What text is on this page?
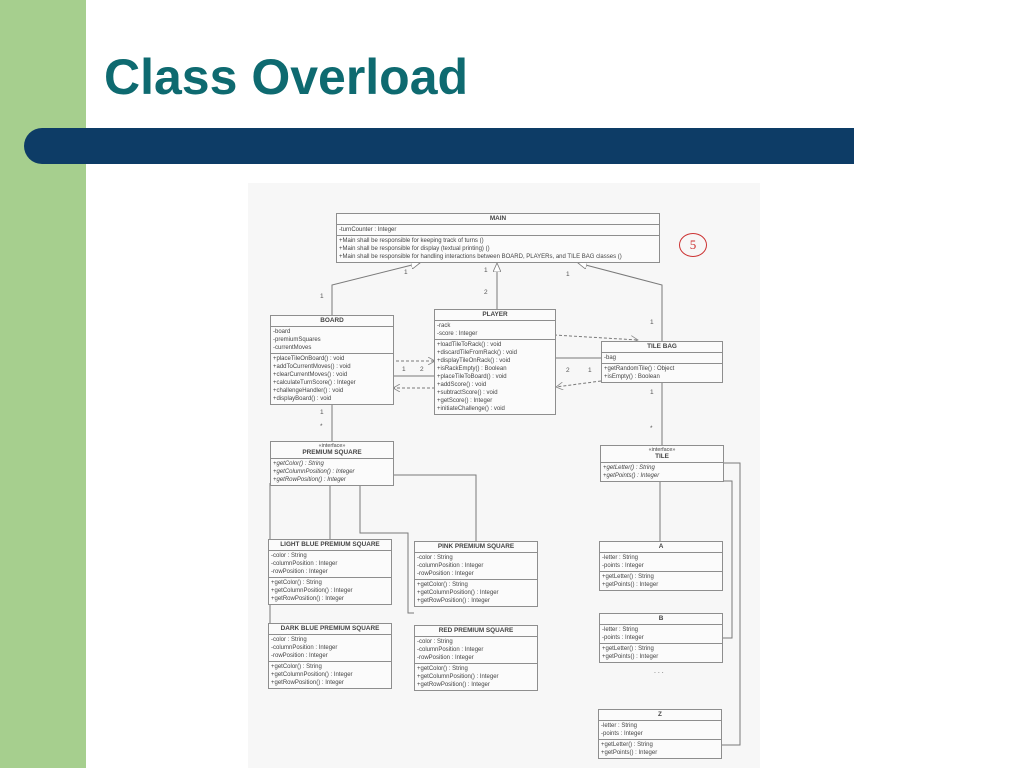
Class Overload
5
MAIN
-turnCounter : Integer
+Main shall be responsible for keeping track of turns ()
+Main shall be responsible for display (textual printing) ()
+Main shall be responsible for handling interactions between BOARD, PLAYERs, and TILE BAG classes ()
BOARD
-board
-premiumSquares
-currentMoves
+placeTileOnBoard() : void
+addToCurrentMoves() : void
+clearCurrentMoves() : void
+calculateTurnScore() : Integer
+challengeHandler() : void
+displayBoard() : void
PLAYER
-rack
-score : Integer
+loadTileToRack() : void
+discardTileFromRack() : void
+displayTileOnRack() : void
+isRackEmpty() : Boolean
+placeTileToBoard() : void
+addScore() : void
+subtractScore() : void
+getScore() : Integer
+initiateChallenge() : void
TILE BAG
-bag
+getRandomTile() : Object
+isEmpty() : Boolean
«interface»
PREMIUM SQUARE
+getColor() : String
+getColumnPosition() : Integer
+getRowPosition() : Integer
«interface»
TILE
+getLetter() : String
+getPoints() : Integer
LIGHT BLUE PREMIUM SQUARE
-color : String
-columnPosition : Integer
-rowPosition : Integer
+getColor() : String
+getColumnPosition() : Integer
+getRowPosition() : Integer
PINK PREMIUM SQUARE
-color : String
-columnPosition : Integer
-rowPosition : Integer
+getColor() : String
+getColumnPosition() : Integer
+getRowPosition() : Integer
DARK BLUE PREMIUM SQUARE
-color : String
-columnPosition : Integer
-rowPosition : Integer
+getColor() : String
+getColumnPosition() : Integer
+getRowPosition() : Integer
RED PREMIUM SQUARE
-color : String
-columnPosition : Integer
-rowPosition : Integer
+getColor() : String
+getColumnPosition() : Integer
+getRowPosition() : Integer
A
-letter : String
-points : Integer
+getLetter() : String
+getPoints() : Integer
B
-letter : String
-points : Integer
+getLetter() : String
+getPoints() : Integer
. . .
Z
-letter : String
-points : Integer
+getLetter() : String
+getPoints() : Integer
1
1
1
2
1
1
1 2	2	1
1
*
1
*
